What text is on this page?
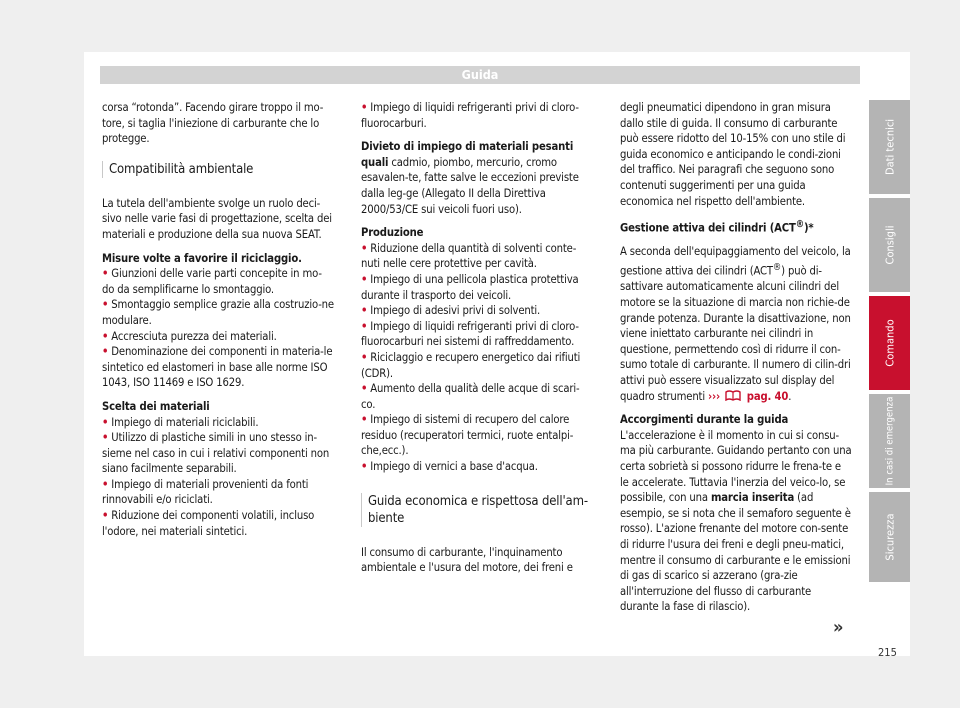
Guida

corsa “rotonda”. Facendo girare troppo il mo-tore, si taglia l'iniezione di carburante che lo protegge.

Compatibilità ambientale

La tutela dell'ambiente svolge un ruolo deci-sivo nelle varie fasi di progettazione, scelta dei materiali e produzione della sua nuova SEAT.

Misure volte a favorire il riciclaggio.

• Giunzioni delle varie parti concepite in mo-do da semplificarne lo smontaggio.
• Smontaggio semplice grazie alla costruzio-ne modulare.
• Accresciuta purezza dei materiali.
• Denominazione dei componenti in materia-le sintetico ed elastomeri in base alle norme ISO 1043, ISO 11469 e ISO 1629.

Scelta dei materiali

• Impiego di materiali riciclabili.
• Utilizzo di plastiche simili in uno stesso in-sieme nel caso in cui i relativi componenti non siano facilmente separabili.
• Impiego di materiali provenienti da fonti rinnovabili e/o riciclati.
• Riduzione dei componenti volatili, incluso l'odore, nei materiali sintetici.
• Impiego di liquidi refrigeranti privi di cloro-fluorocarburi.

Divieto di impiego di materiali pesanti quali cadmio, piombo, mercurio, cromo esavalen-te, fatte salve le eccezioni previste dalla leg-ge (Allegato II della Direttiva 2000/53/CE sui veicoli fuori uso).

Produzione

• Riduzione della quantità di solventi conte-nuti nelle cere protettive per cavità.
• Impiego di una pellicola plastica protettiva durante il trasporto dei veicoli.
• Impiego di adesivi privi di solventi.
• Impiego di liquidi refrigeranti privi di cloro-fluorocarburi nei sistemi di raffreddamento.
• Riciclaggio e recupero energetico dai rifiuti (CDR).
• Aumento della qualità delle acque di scari-co.
• Impiego di sistemi di recupero del calore residuo (recuperatori termici, ruote entalpi-che,ecc.).
• Impiego di vernici a base d'acqua.
Guida economica e rispettosa dell'am-biente

Il consumo di carburante, l'inquinamento ambientale e l'usura del motore, dei freni e

degli pneumatici dipendono in gran misura dallo stile di guida. Il consumo di carburante può essere ridotto del 10-15% con uno stile di guida economico e anticipando le condi-zioni del traffico. Nei paragrafi che seguono sono contenuti suggerimenti per una guida economica nel rispetto dell'ambiente.

Gestione attiva dei cilindri (ACT®)*

A seconda dell'equipaggiamento del veicolo, la gestione attiva dei cilindri (ACT®) può di-sattivare automaticamente alcuni cilindri del motore se la situazione di marcia non richie-de grande potenza. Durante la disattivazione, non viene iniettato carburante nei cilindri in questione, permettendo così di ridurre il con-sumo totale di carburante. Il numero di cilin-dri attivi può essere visualizzato sul display del quadro strumenti ››› pag. 40.

Accorgimenti durante la guida

L'accelerazione è il momento in cui si consu-ma più carburante. Guidando pertanto con una certa sobrietà si possono ridurre le frena-te e le accelerate. Tuttavia l'inerzia del veico-lo, se possibile, con una marcia inserita (ad esempio, se si nota che il semaforo seguente è rosso). L'azione frenante del motore con-sente di ridurre l'usura dei freni e degli pneu-matici, mentre il consumo di carburante e le emissioni di gas di scarico si azzerano (gra-zie all'interruzione del flusso di carburante durante la fase di rilascio).

»
215
Dati tecnici
Consigli
Comando
In casi di emergenza
Sicurezza
